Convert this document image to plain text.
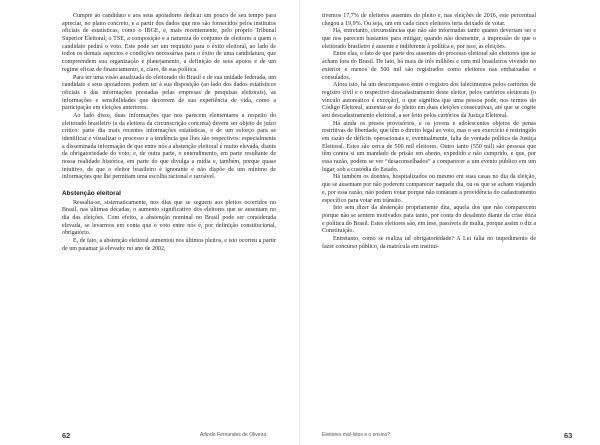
Cumpre ao candidato e aos seus apoiadores dedicar um pouco de seu tempo para apreciar, no plano concreto, e a partir dos dados que nos são fornecidos pelos institutos oficiais de estatísticas, como o IBGE, e, mais recentemente, pelo próprio Tribunal Superior Eleitoral, o TSE, a composição e a natureza do conjunto de eleitores a quem o candidato pedirá o voto. Este pode ser um requisito para o êxito eleitoral, ao lado de todos os demais aspectos e condições necessárias para o êxito de uma candidatura, que compreendem sua organização e planejamento, a definição de seus apoios e de um regime eficaz de financiamento, e, claro, de sua política.

Para ter uma visão atualizada do eleitorado do Brasil e de sua unidade federada, um candidato e seus apoiadores podem ter à sua disposição (ao lado dos dados estatísticos oficiais e das informações prestadas pelas empresas de pesquisas eleitorais), as informações e sensibilidades que decorrem de sua experiência de vida, como a participação em eleições anteriores.

Ao lado disso, duas informações que nos parecem elementares a respeito do eleitorado brasileiro (e da eleitora da circunscrição concreta) devem ser objeto de juízo crítico: parte dia mais recentes informações estatísticas, e de um esforço para se identificar e visualizar o processo e a tendência que lhes são respectivos: especialmente a disseminada informação de que entre nós a abstenção eleitoral é muito elevada, diante da obrigatoriedade do voto; e, de outra parte, o entendimento, em parte resultante de nossa realidade histórica, em parte do que divulga a mídia e, também, porque quase intuitivo, de que o eleitor brasileiro é ignorante e não dispõe de um mínimo de informações que lhe permitam uma escolha racional e razoável.

Abstenção eleitoral

Ressalta-se, sistematicamente, nos dias que se seguem aos pleitos ocorridos no Brasil, nas últimas décadas, o aumento significativo dos eleitores que se ausentam no dia das eleições. Com efeito, a abstenção nominal no Brasil pode ser considerada elevada, se levarmos em conta que o voto entre nós é, por definição constitucional, obrigatório.

E, de fato, a abstenção eleitoral aumentou nos últimos pleitos, e isto ocorreu a partir de um patamar já elevado: no ano de 2002,

62	Arlindo Fernandes de Oliveira

tivemos 17,7% de eleitores ausentes do pleito e, nas eleições de 2016, este percentual chegou a 19,9%. Ou seja, um em cada cinco eleitores teria deixado de votar.

Há, entretanto, circunstâncias que não são informadas tanto quanto deveriam ser e que nos parecem bastantes para mitigar, quando não desmentir, a impressão de que o eleitorado brasileiro é ausente e indiferente à política e, por isso, às eleições.

Entre elas, o fato de que parte dos ausentes do processo eleitoral são eleitores que se acham fora do Brasil. De fato, há mais de três milhões e cem mil brasileiros vivendo no exterior e menos de 500 mil são registrados como eleitores nas embaixadas e consulados.

Afora isto, há um descompasso entre o registro dos falecimentos pelos cartórios de registro civil e o respectivo descadastramento deste eleitor, pelos cartórios eleitorais (o vínculo automático é exceção), o que significa que uma pessoa pode, nos termos do Código Eleitoral, ausentar-se do pleito em duas eleições consecutivas, até que se cogite seu descadastramento eleitoral, a ser feito pelos cartórios da Justiça Eleitoral.

Há ainda os presos provisórios, e os jovens e adolescentes objetos de penas restritivas de liberdade, que têm o direito legal ao voto, mas o seu exercício é restringido em razão de déficits operacionais e, eventualmente, falta de vontade política da Justiça Eleitoral. Estes são cerca de 500 mil eleitores. Outro tanto (550 mil) são pessoas que têm contra si um mandado de prisão em aberto, expedido e não cumprido, e que, por essa razão, podem se ver “desaconselhados” a comparecer a um evento público em um lugar, sob a custódia do Estado.

Há também os doentes, hospitalizados ou mesmo em suas casas no dia da eleição, que se ausentam por não poderem comparecer naquele dia, ou os que se acham viajando e, por essa razão, não podem votar porque não tomaram a providência do cadastramento específico para votar em trânsito.

Isto sem dizer da abstenção propriamente dita, aquela dos que não comparecem porque não se sentem motivados para tanto, por conta do desalento diante da crise ética e política do Brasil. Estes eleitores são, em tese, passíveis de multa, porque assim o diz a Constituição.

Entretanto, como se realiza tal obrigatoriedade? A Lei falta no impedimento de fazer concurso público, da matrícula em institui-

Eleitores mal-lidos e o ensino?	63
